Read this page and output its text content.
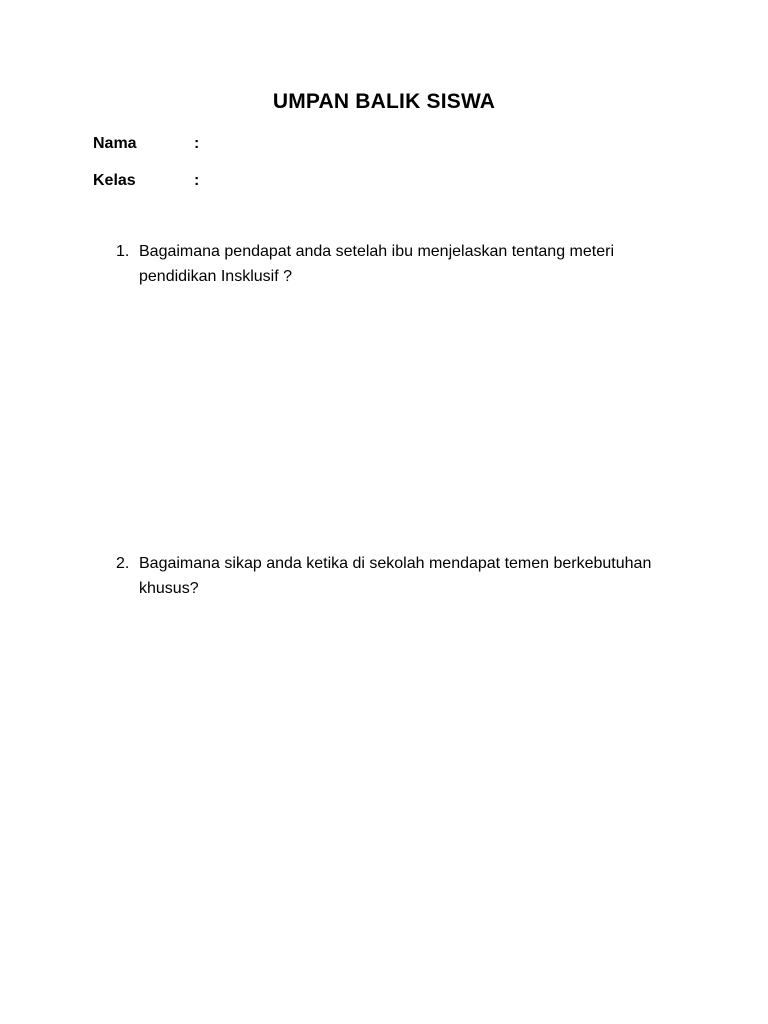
UMPAN BALIK SISWA
Nama	:
Kelas	:
1. Bagaimana pendapat anda setelah ibu menjelaskan tentang meteri pendidikan Insklusif ?
2. Bagaimana sikap anda ketika di sekolah mendapat temen berkebutuhan khusus?
